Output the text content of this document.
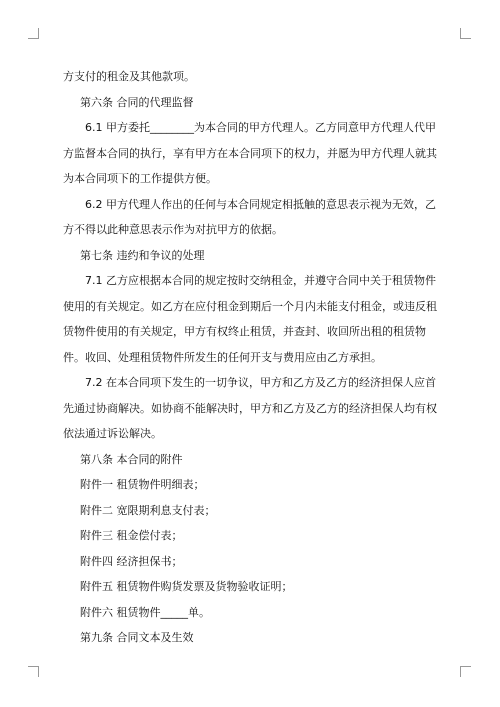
方支付的租金及其他款项。

第六条 合同的代理监督

6.1 甲方委托________为本合同的甲方代理人。乙方同意甲方代理人代甲方监督本合同的执行，享有甲方在本合同项下的权力，并愿为甲方代理人就其为本合同项下的工作提供方便。

6.2 甲方代理人作出的任何与本合同规定相抵触的意思表示视为无效，乙方不得以此种意思表示作为对抗甲方的依据。

第七条 违约和争议的处理

7.1 乙方应根据本合同的规定按时交纳租金，并遵守合同中关于租赁物件使用的有关规定。如乙方在应付租金到期后一个月内未能支付租金，或违反租赁物件使用的有关规定，甲方有权终止租赁，并查封、收回所出租的租赁物件。收回、处理租赁物件所发生的任何开支与费用应由乙方承担。

7.2 在本合同项下发生的一切争议，甲方和乙方及乙方的经济担保人应首先通过协商解决。如协商不能解决时，甲方和乙方及乙方的经济担保人均有权依法通过诉讼解决。

第八条 本合同的附件

附件一 租赁物件明细表；

附件二 宽限期利息支付表；

附件三 租金偿付表；

附件四 经济担保书；

附件五 租赁物件购货发票及货物验收证明；

附件六 租赁物件_____单。

第九条 合同文本及生效
